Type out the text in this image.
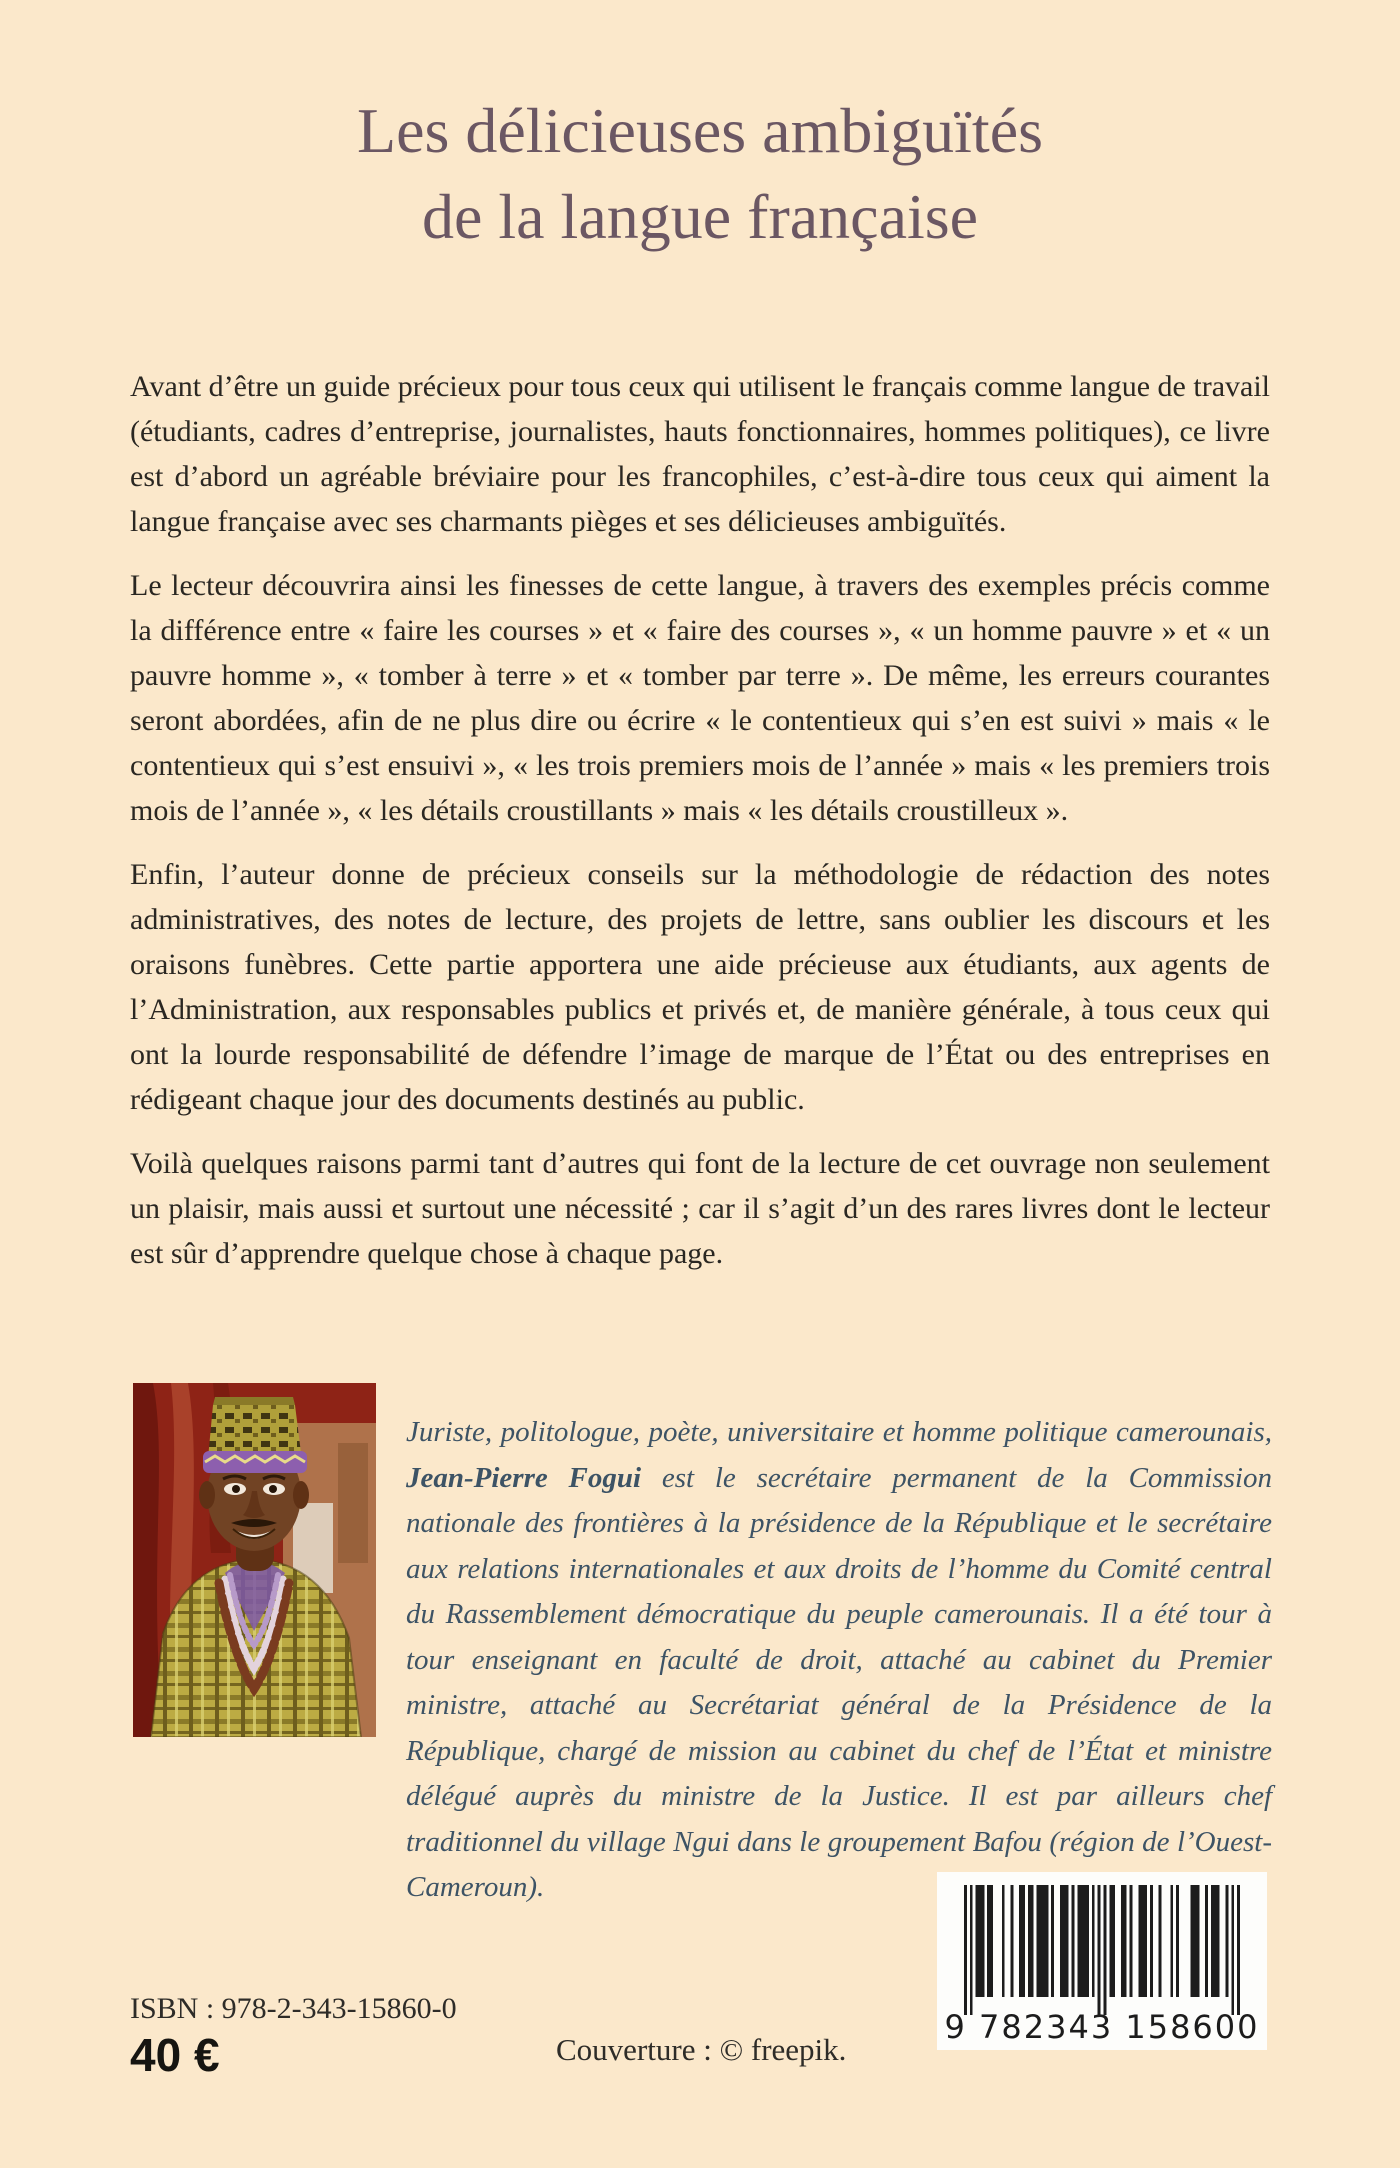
Les délicieuses ambiguïtés
de la langue française

Avant d’être un guide précieux pour tous ceux qui utilisent le français comme langue de travail (étudiants, cadres d’entreprise, journalistes, hauts fonctionnaires, hommes politiques), ce livre est d’abord un agréable bréviaire pour les francophiles, c’est-à-dire tous ceux qui aiment la langue française avec ses charmants pièges et ses délicieuses ambiguïtés.

Le lecteur découvrira ainsi les finesses de cette langue, à travers des exemples précis comme la différence entre « faire les courses » et « faire des courses », « un homme pauvre » et « un pauvre homme », « tomber à terre » et « tomber par terre ». De même, les erreurs courantes seront abordées, afin de ne plus dire ou écrire « le contentieux qui s’en est suivi » mais « le contentieux qui s’est ensuivi », « les trois premiers mois de l’année » mais « les premiers trois mois de l’année », « les détails croustillants » mais « les détails croustilleux ».

Enfin, l’auteur donne de précieux conseils sur la méthodologie de rédaction des notes administratives, des notes de lecture, des projets de lettre, sans oublier les discours et les oraisons funèbres. Cette partie apportera une aide précieuse aux étudiants, aux agents de l’Administration, aux responsables publics et privés et, de manière générale, à tous ceux qui ont la lourde responsabilité de défendre l’image de marque de l’État ou des entreprises en rédigeant chaque jour des documents destinés au public.

Voilà quelques raisons parmi tant d’autres qui font de la lecture de cet ouvrage non seulement un plaisir, mais aussi et surtout une nécessité ; car il s’agit d’un des rares livres dont le lecteur est sûr d’apprendre quelque chose à chaque page.

Juriste, politologue, poète, universitaire et homme politique camerounais, Jean-Pierre Fogui est le secrétaire permanent de la Commission nationale des frontières à la présidence de la République et le secrétaire aux relations internationales et aux droits de l’homme du Comité central du Rassemblement démocratique du peuple camerounais. Il a été tour à tour enseignant en faculté de droit, attaché au cabinet du Premier ministre, attaché au Secrétariat général de la Présidence de la République, chargé de mission au cabinet du chef de l’État et ministre délégué auprès du ministre de la Justice. Il est par ailleurs chef traditionnel du village Ngui dans le groupement Bafou (région de l’Ouest-Cameroun).

ISBN : 978-2-343-15860-0
40 €	Couverture : © freepik.
9 782343 158600
